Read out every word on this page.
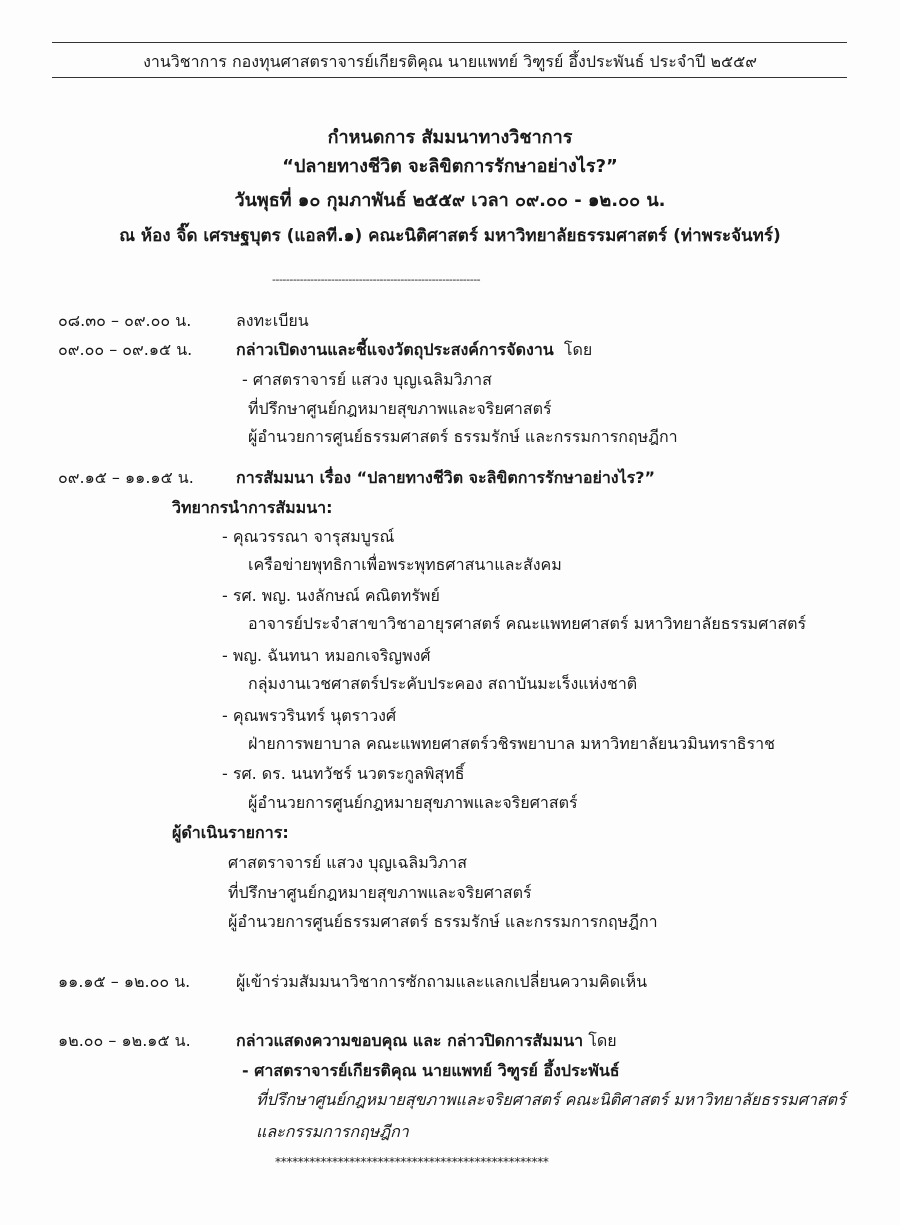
งานวิชาการ กองทุนศาสตราจารย์เกียรติคุณ นายแพทย์ วิฑูรย์ อึ้งประพันธ์ ประจำปี ๒๕๕๙
กำหนดการ สัมมนาทางวิชาการ
“ปลายทางชีวิต จะลิขิตการรักษาอย่างไร?”
วันพุธที่ ๑๐ กุมภาพันธ์ ๒๕๕๙ เวลา ๐๙.๐๐ - ๑๒.๐๐ น.
ณ ห้อง จิ๊ด เศรษฐบุตร (แอลที.๑) คณะนิติศาสตร์ มหาวิทยาลัยธรรมศาสตร์ (ท่าพระจันทร์)
------------------------------------------------------------
๐๘.๓๐ – ๐๙.๐๐ น.	ลงทะเบียน
๐๙.๐๐ – ๐๙.๑๕ น.	กล่าวเปิดงานและชี้แจงวัตถุประสงค์การจัดงาน โดย
- ศาสตราจารย์ แสวง บุญเฉลิมวิภาส
ที่ปรึกษาศูนย์กฎหมายสุขภาพและจริยศาสตร์
ผู้อำนวยการศูนย์ธรรมศาสตร์ ธรรมรักษ์ และกรรมการกฤษฎีกา
๐๙.๑๕ – ๑๑.๑๕ น.	การสัมมนา เรื่อง “ปลายทางชีวิต จะลิขิตการรักษาอย่างไร?”
วิทยากรนำการสัมมนา:
- คุณวรรณา จารุสมบูรณ์
เครือข่ายพุทธิกาเพื่อพระพุทธศาสนาและสังคม
- รศ. พญ. นงลักษณ์ คณิตทรัพย์
อาจารย์ประจำสาขาวิชาอายุรศาสตร์ คณะแพทยศาสตร์ มหาวิทยาลัยธรรมศาสตร์
- พญ. ฉันทนา หมอกเจริญพงศ์
กลุ่มงานเวชศาสตร์ประคับประคอง สถาบันมะเร็งแห่งชาติ
- คุณพรวรินทร์ นุตราวงศ์
ฝ่ายการพยาบาล คณะแพทยศาสตร์วชิรพยาบาล มหาวิทยาลัยนวมินทราธิราช
- รศ. ดร. นนทวัชร์ นวตระกูลพิสุทธิ์
ผู้อำนวยการศูนย์กฎหมายสุขภาพและจริยศาสตร์
ผู้ดำเนินรายการ:
ศาสตราจารย์ แสวง บุญเฉลิมวิภาส
ที่ปรึกษาศูนย์กฎหมายสุขภาพและจริยศาสตร์
ผู้อำนวยการศูนย์ธรรมศาสตร์ ธรรมรักษ์ และกรรมการกฤษฎีกา
๑๑.๑๕ – ๑๒.๐๐ น.	ผู้เข้าร่วมสัมมนาวิชาการซักถามและแลกเปลี่ยนความคิดเห็น
๑๒.๐๐ – ๑๒.๑๕ น.	กล่าวแสดงความขอบคุณ และ กล่าวปิดการสัมมนา โดย
- ศาสตราจารย์เกียรติคุณ นายแพทย์ วิฑูรย์ อึ้งประพันธ์
ที่ปรึกษาศูนย์กฎหมายสุขภาพและจริยศาสตร์ คณะนิติศาสตร์ มหาวิทยาลัยธรรมศาสตร์
และกรรมการกฤษฎีกา
************************************************
